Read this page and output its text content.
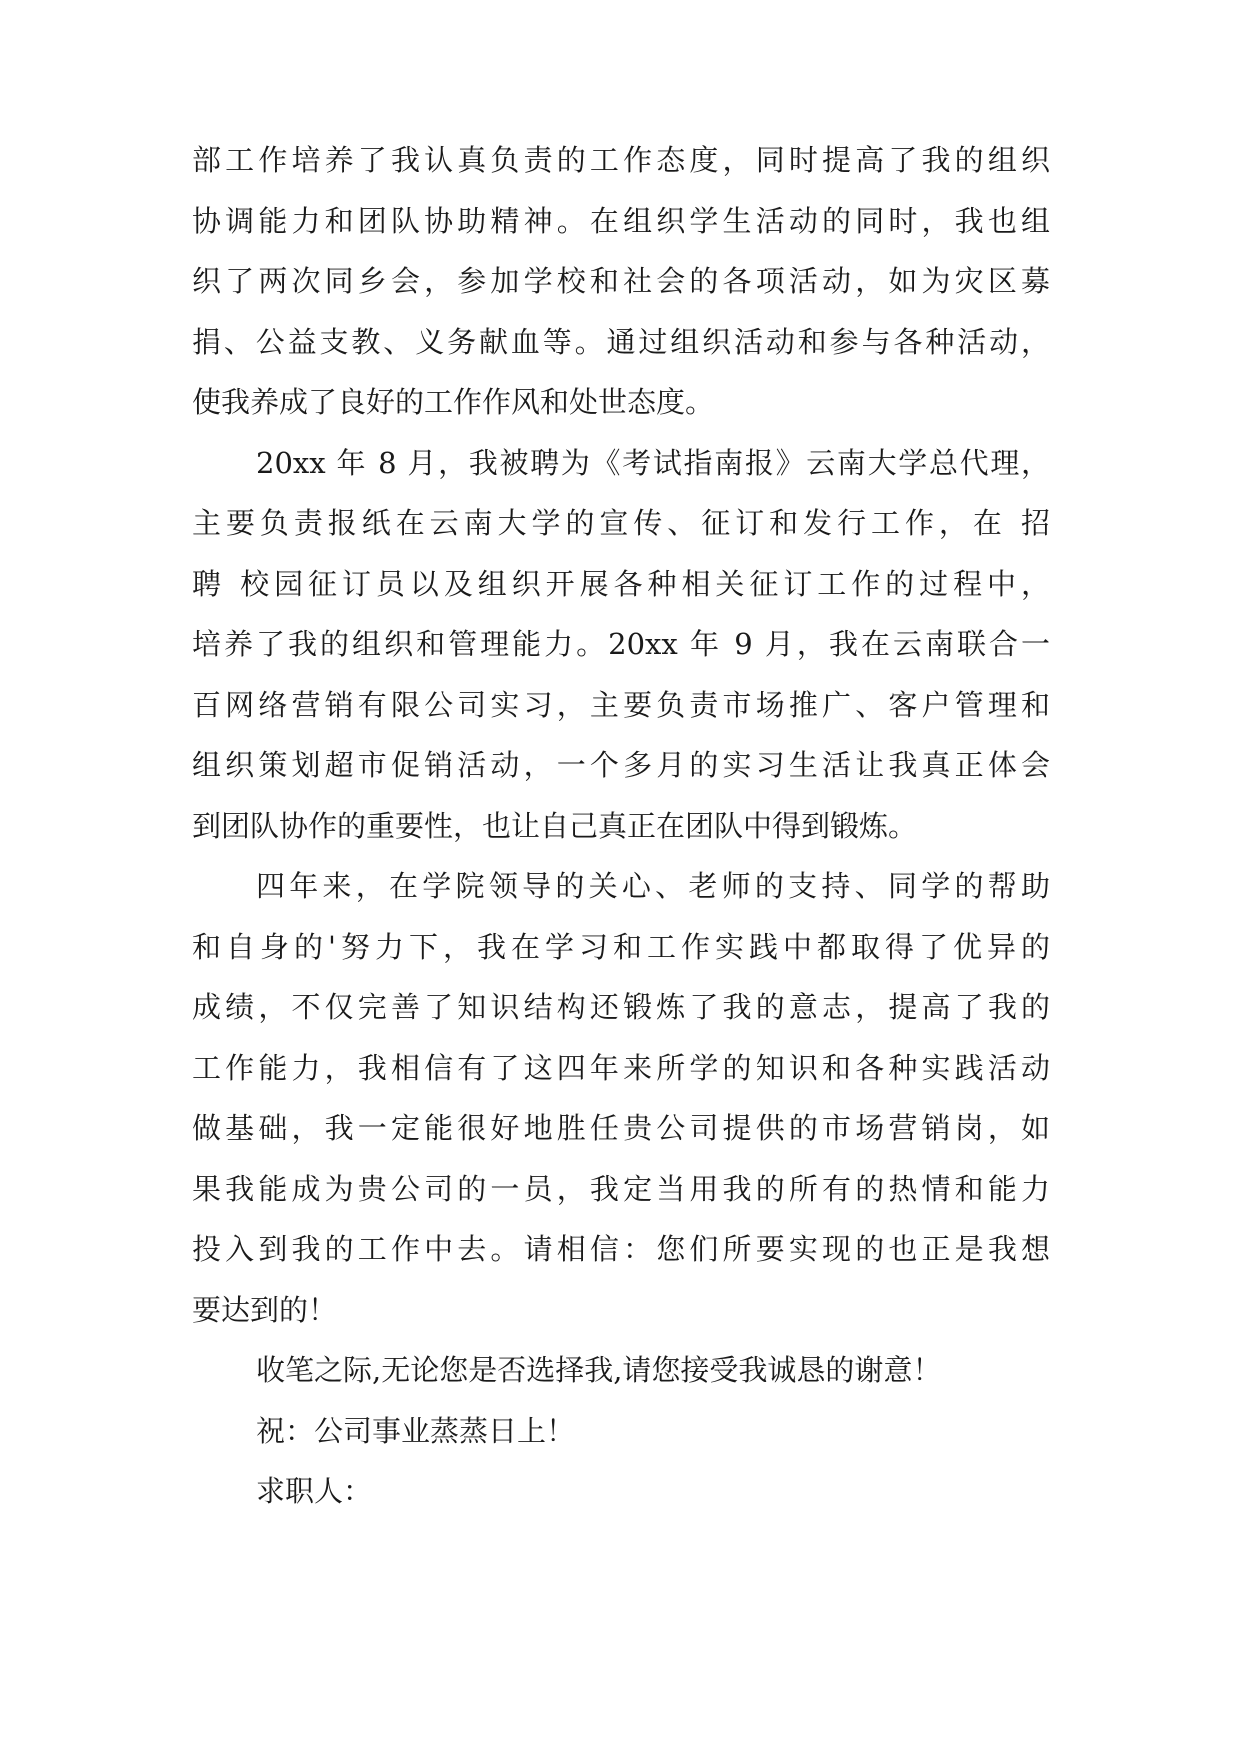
部工作培养了我认真负责的工作态度，同时提高了我的组织
协调能力和团队协助精神。在组织学生活动的同时，我也组
织了两次同乡会，参加学校和社会的各项活动，如为灾区募
捐、公益支教、义务献血等。通过组织活动和参与各种活动，
使我养成了良好的工作作风和处世态度。
20xx 年 8 月，我被聘为《考试指南报》云南大学总代理，
主要负责报纸在云南大学的宣传、征订和发行工作，在 招
聘 校园征订员以及组织开展各种相关征订工作的过程中，
培养了我的组织和管理能力。20xx 年 9 月，我在云南联合一
百网络营销有限公司实习，主要负责市场推广、客户管理和
组织策划超市促销活动，一个多月的实习生活让我真正体会
到团队协作的重要性，也让自己真正在团队中得到锻炼。
四年来，在学院领导的关心、老师的支持、同学的帮助
和自身的'努力下，我在学习和工作实践中都取得了优异的
成绩，不仅完善了知识结构还锻炼了我的意志，提高了我的
工作能力，我相信有了这四年来所学的知识和各种实践活动
做基础，我一定能很好地胜任贵公司提供的市场营销岗，如
果我能成为贵公司的一员，我定当用我的所有的热情和能力
投入到我的工作中去。请相信：您们所要实现的也正是我想
要达到的！
收笔之际,无论您是否选择我,请您接受我诚恳的谢意！
祝：公司事业蒸蒸日上！
求职人：
